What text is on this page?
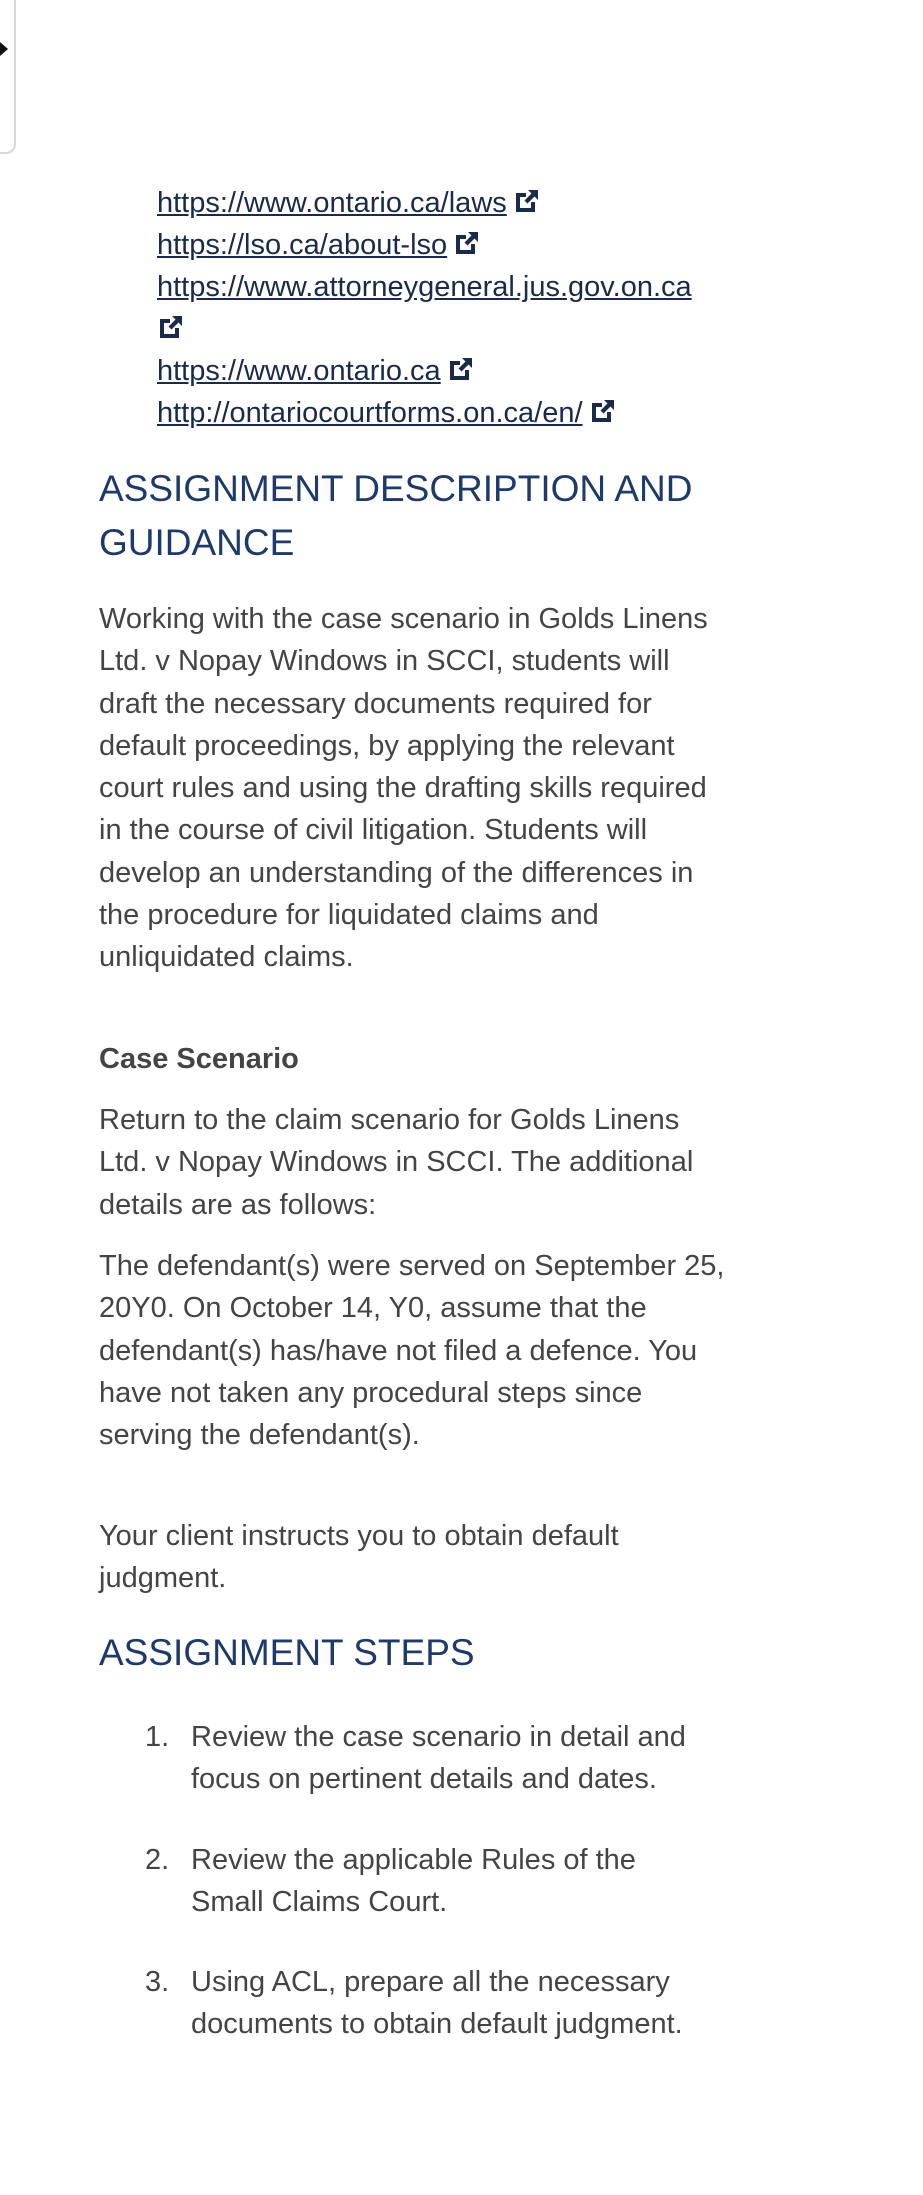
https://www.ontario.ca/laws
https://lso.ca/about-lso
https://www.attorneygeneral.jus.gov.on.ca

https://www.ontario.ca
http://ontariocourtforms.on.ca/en/
ASSIGNMENT DESCRIPTION AND GUIDANCE

Working with the case scenario in Golds Linens Ltd. v Nopay Windows in SCCI, students will draft the necessary documents required for default proceedings, by applying the relevant court rules and using the drafting skills required in the course of civil litigation. Students will develop an understanding of the differences in the procedure for liquidated claims and unliquidated claims.

Case Scenario

Return to the claim scenario for Golds Linens Ltd. v Nopay Windows in SCCI. The additional details are as follows:

The defendant(s) were served on September 25, 20Y0. On October 14, Y0, assume that the defendant(s) has/have not filed a defence. You have not taken any procedural steps since serving the defendant(s).

Your client instructs you to obtain default judgment.

ASSIGNMENT STEPS
1. Review the case scenario in detail and focus on pertinent details and dates.
2. Review the applicable Rules of the Small Claims Court.
3. Using ACL, prepare all the necessary documents to obtain default judgment.
